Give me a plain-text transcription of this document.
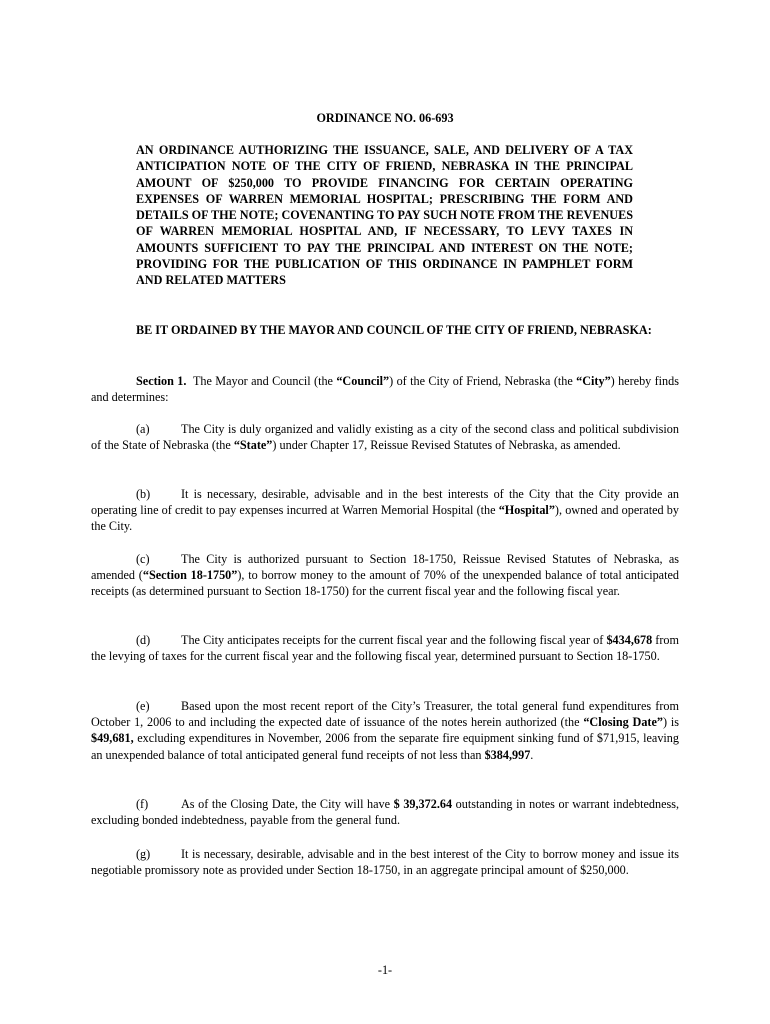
ORDINANCE NO. 06-693
AN ORDINANCE AUTHORIZING THE ISSUANCE, SALE, AND DELIVERY OF A TAX ANTICIPATION NOTE OF THE CITY OF FRIEND, NEBRASKA IN THE PRINCIPAL AMOUNT OF $250,000 TO PROVIDE FINANCING FOR CERTAIN OPERATING EXPENSES OF WARREN MEMORIAL HOSPITAL; PRESCRIBING THE FORM AND DETAILS OF THE NOTE; COVENANTING TO PAY SUCH NOTE FROM THE REVENUES OF WARREN MEMORIAL HOSPITAL AND, IF NECESSARY, TO LEVY TAXES IN AMOUNTS SUFFICIENT TO PAY THE PRINCIPAL AND INTEREST ON THE NOTE; PROVIDING FOR THE PUBLICATION OF THIS ORDINANCE IN PAMPHLET FORM AND RELATED MATTERS
BE IT ORDAINED BY THE MAYOR AND COUNCIL OF THE CITY OF FRIEND, NEBRASKA:
Section 1. The Mayor and Council (the “Council”) of the City of Friend, Nebraska (the “City”) hereby finds and determines:
(a)	The City is duly organized and validly existing as a city of the second class and political subdivision of the State of Nebraska (the “State”) under Chapter 17, Reissue Revised Statutes of Nebraska, as amended.
(b)	It is necessary, desirable, advisable and in the best interests of the City that the City provide an operating line of credit to pay expenses incurred at Warren Memorial Hospital (the “Hospital”), owned and operated by the City.
(c)	The City is authorized pursuant to Section 18-1750, Reissue Revised Statutes of Nebraska, as amended (“Section 18-1750”), to borrow money to the amount of 70% of the unexpended balance of total anticipated receipts (as determined pursuant to Section 18-1750) for the current fiscal year and the following fiscal year.
(d)	The City anticipates receipts for the current fiscal year and the following fiscal year of $434,678 from the levying of taxes for the current fiscal year and the following fiscal year, determined pursuant to Section 18-1750.
(e)	Based upon the most recent report of the City’s Treasurer, the total general fund expenditures from October 1, 2006 to and including the expected date of issuance of the notes herein authorized (the “Closing Date”) is $49,681, excluding expenditures in November, 2006 from the separate fire equipment sinking fund of $71,915, leaving an unexpended balance of total anticipated general fund receipts of not less than $384,997.
(f)	As of the Closing Date, the City will have $ 39,372.64 outstanding in notes or warrant indebtedness, excluding bonded indebtedness, payable from the general fund.
(g)	It is necessary, desirable, advisable and in the best interest of the City to borrow money and issue its negotiable promissory note as provided under Section 18-1750, in an aggregate principal amount of $250,000.
-1-
